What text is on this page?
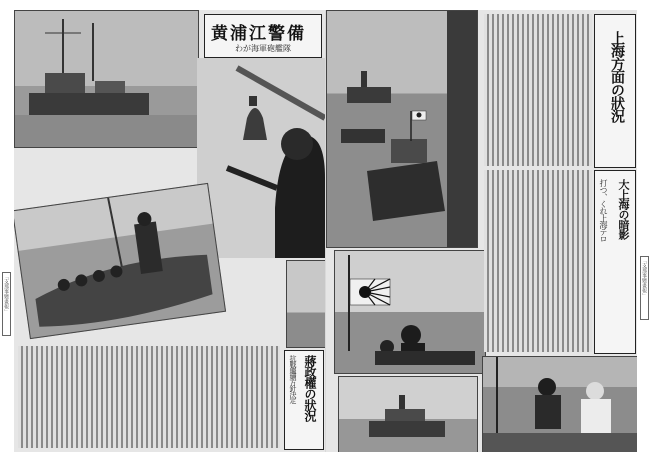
黄浦江警備
わが海軍砲艦隊
蔣政權の狀況
抗戰繼續方針決定
上海方面の狀況
大上海の暗影
打つ、くれ上海テロ
「支那事變畫報」	「支那事變畫報」
